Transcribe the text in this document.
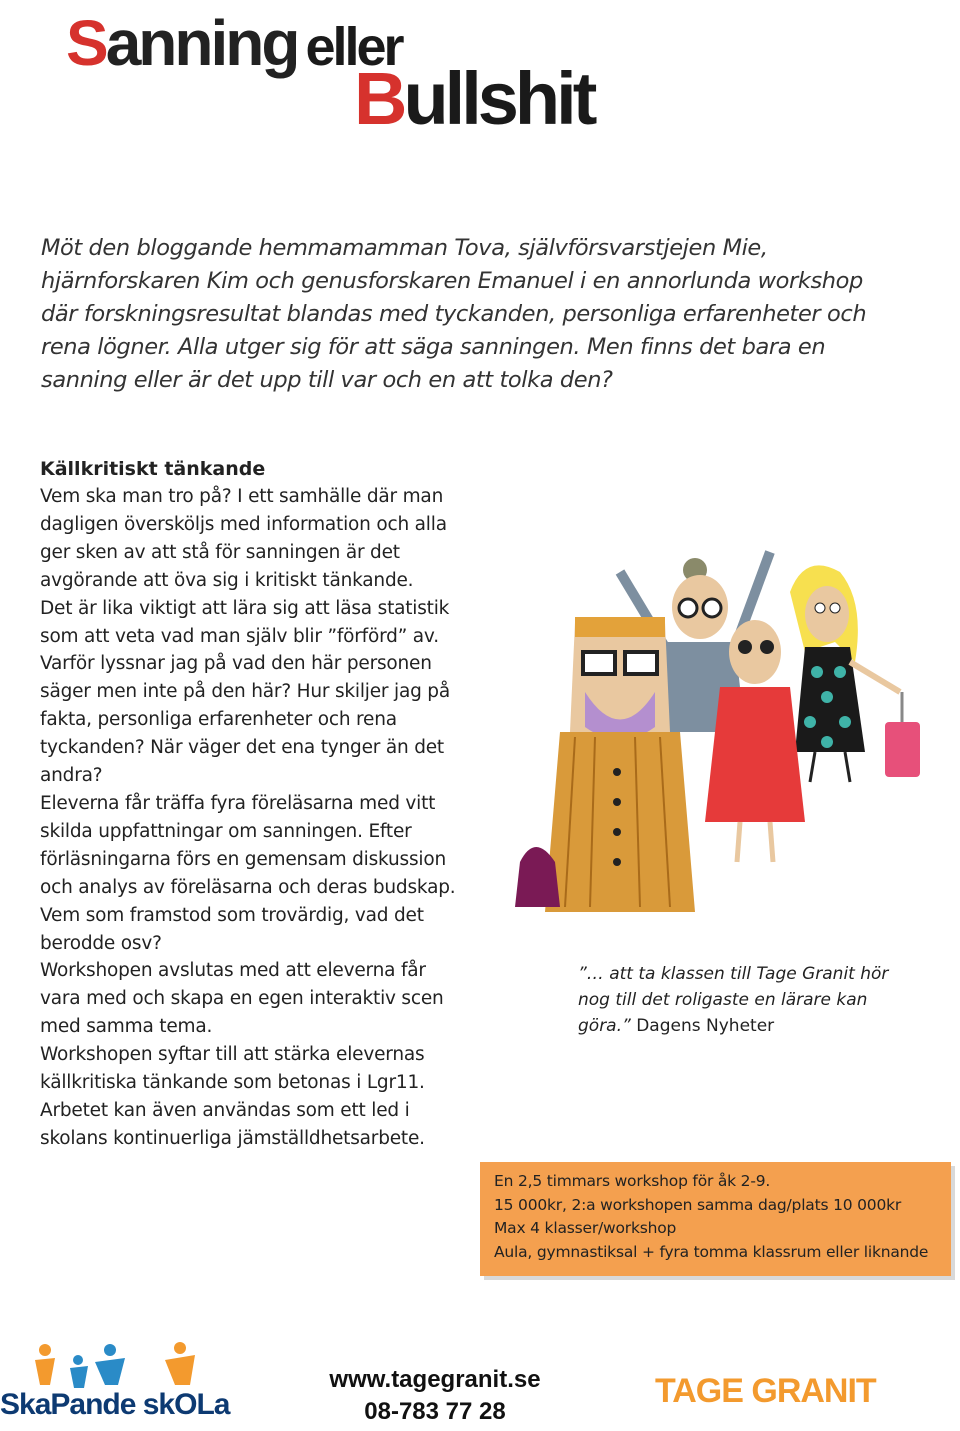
Sanning eller
Bullshit

Möt den bloggande hemmamamman Tova, självförsvarstjejen Mie, hjärnforskaren Kim och genusforskaren Emanuel i en annorlunda workshop där forskningsresultat blandas med tyckanden, personliga erfarenheter och rena lögner. Alla utger sig för att säga sanningen. Men finns det bara en sanning eller är det upp till var och en att tolka den?

Källkritiskt tänkande

Vem ska man tro på? I ett samhälle där man dagligen översköljs med information och alla ger sken av att stå för sanningen är det avgörande att öva sig i kritiskt tänkande.

Det är lika viktigt att lära sig att läsa statistik som att veta vad man själv blir ”förförd” av. Varför lyssnar jag på vad den här personen säger men inte på den här? Hur skiljer jag på fakta, personliga erfarenheter och rena tyckanden? När väger det ena tynger än det andra?

Eleverna får träffa fyra föreläsarna med vitt skilda uppfattningar om sanningen. Efter förläsningarna förs en gemensam diskussion och analys av föreläsarna och deras budskap. Vem som framstod som trovärdig, vad det berodde osv?

Workshopen avslutas med att eleverna får vara med och skapa en egen interaktiv scen med samma tema.

Workshopen syftar till att stärka elevernas källkritiska tänkande som betonas i Lgr11. Arbetet kan även användas som ett led i skolans kontinuerliga jämställdhetsarbete.

”… att ta klassen till Tage Granit hör nog till det roligaste en lärare kan göra.” Dagens Nyheter

En 2,5 timmars workshop för åk 2-9.
15 000kr, 2:a workshopen samma dag/plats 10 000kr
Max 4 klasser/workshop
Aula, gymnastiksal + fyra tomma klassrum eller liknande
SkaPande skOLa
www.tagegranit.se
08-783 77 28
TAGE GRANIT
